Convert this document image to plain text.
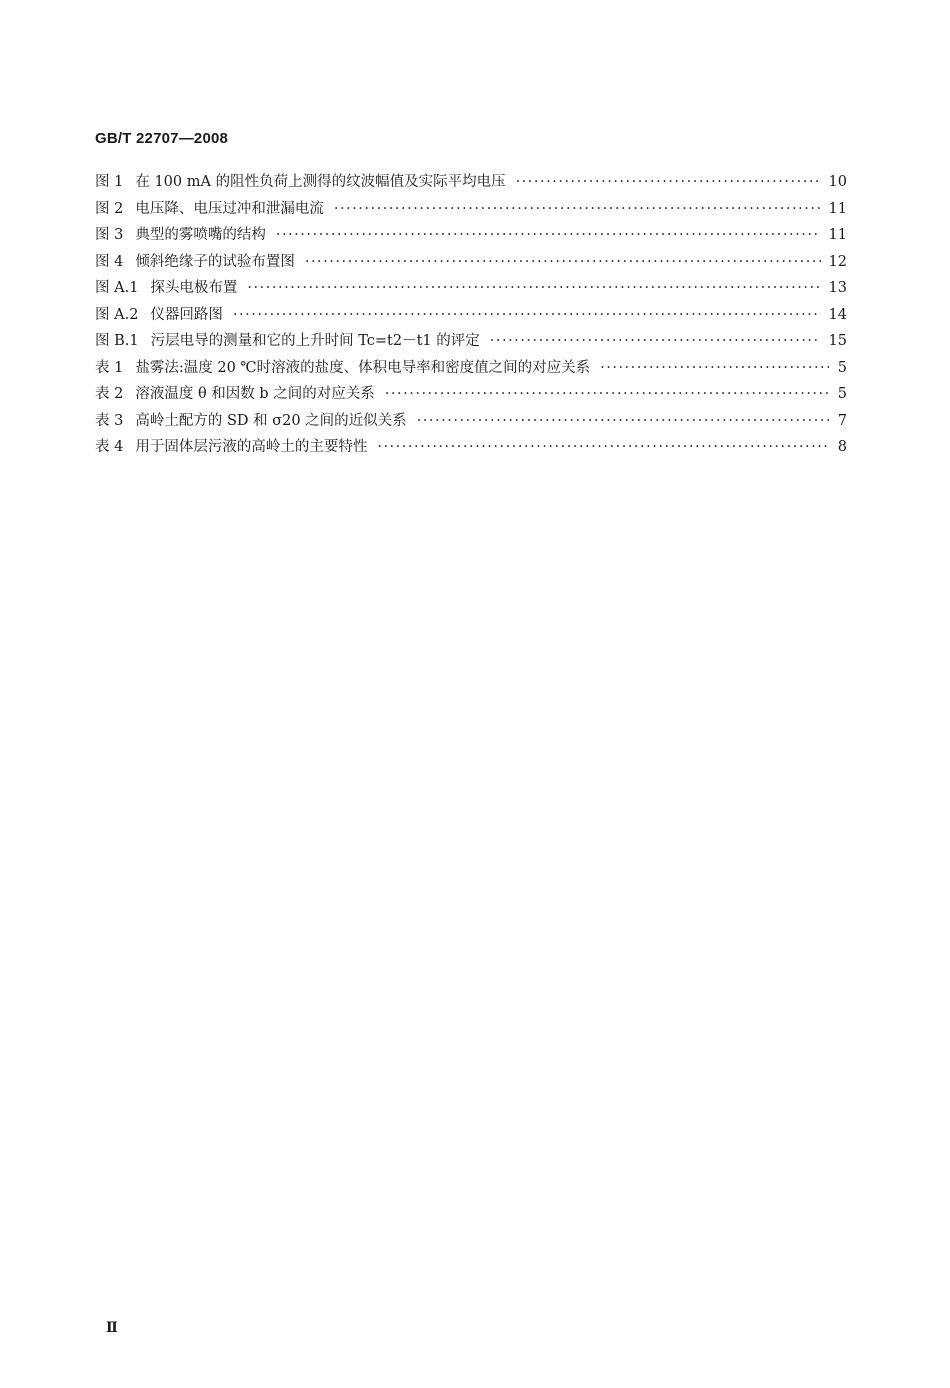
GB/T 22707—2008
图 1 在 100 mA 的阻性负荷上测得的纹波幅值及实际平均电压 ·····	10
图 2 电压降、电压过冲和泄漏电流 ·····	11
图 3 典型的雾喷嘴的结构 ·····	11
图 4 倾斜绝缘子的试验布置图 ·····	12
图 A.1 探头电极布置 ·····	13
图 A.2 仪器回路图 ·····	14
图 B.1 污层电导的测量和它的上升时间 Tc=t2－t1 的评定 ·····	15
表 1 盐雾法:温度 20 ℃时溶液的盐度、体积电导率和密度值之间的对应关系 ·····	5
表 2 溶液温度 θ 和因数 b 之间的对应关系 ·····	5
表 3 高岭土配方的 SD 和 σ20 之间的近似关系 ·····	7
表 4 用于固体层污液的高岭土的主要特性 ·····	8
Ⅱ
